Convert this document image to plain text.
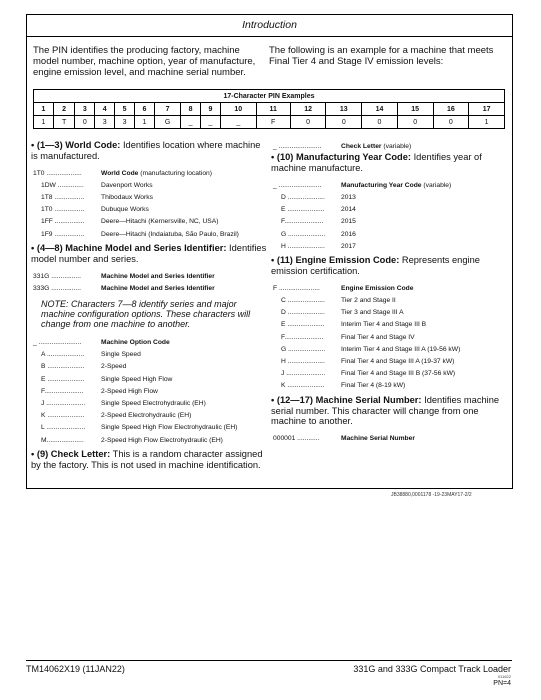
Introduction
The PIN identifies the producing factory, machine model number, machine option, year of manufacture, engine emission level, and machine serial number.
The following is an example for a machine that meets Final Tier 4 and Stage IV emission levels:
17-Character PIN Examples																
1	2	3	4	5	6	7	8	9	10	11	12	13	14	15	16	17
1	T	0	3	3	1	G	_	_	_	F	0	0	0	0	0	1
• (1—3) World Code: Identifies location where machine is manufactured.
1T0 ...................	World Code (manufacturing location)
1DW ..............	Davenport Works
1T8 ................	Thibodaux Works
1T0 ................	Dubuque Works
1FF ................	Deere—Hitachi (Kernersville, NC, USA)
1F9 ................	Deere—Hitachi (Indaiatuba, São Paulo, Brazil)
• (4—8) Machine Model and Series Identifier: Identifies model number and series.
331G ................	Machine Model and Series Identifier
333G ................	Machine Model and Series Identifier
NOTE: Characters 7—8 identify series and major machine configuration options. These characters will change from one machine to another.
_ .......................	Machine Option Code
A ....................	Single Speed
B ....................	2-Speed
E ....................	Single Speed High Flow
F.....................	2-Speed High Flow
J .....................	Single Speed Electrohydraulic (EH)
K ....................	2-Speed Electrohydraulic (EH)
L .....................	Single Speed High Flow Electrohydraulic (EH)
M....................	2-Speed High Flow Electrohydraulic (EH)
• (9) Check Letter: This is a random character assigned by the factory. This is not used in machine identification.
_ .......................	Check Letter (variable)
• (10) Manufacturing Year Code: Identifies year of machine manufacture.
_ .......................	Manufacturing Year Code (variable)
D ....................	2013
E ....................	2014
F.....................	2015
G ....................	2016
H ....................	2017
• (11) Engine Emission Code: Represents engine emission certification.
F ......................	Engine Emission Code
C ....................	Tier 2 and Stage II
D ....................	Tier 3 and Stage III A
E ....................	Interim Tier 4 and Stage III B
F.....................	Final Tier 4 and Stage IV
G ....................	Interim Tier 4 and Stage III A (19-56 kW)
H ....................	Final Tier 4 and Stage III A (19-37 kW)
J .....................	Final Tier 4 and Stage III B (37-56 kW)
K ....................	Final Tier 4 (8-19 kW)
• (12—17) Machine Serial Number: Identifies machine serial number. This character will change from one machine to another.
000001 ............	Machine Serial Number
JB38880,0001178 -19-23MAY17-2/2
TM14062X19 (11JAN22)	331G and 333G Compact Track Loader
011622
PN=4
